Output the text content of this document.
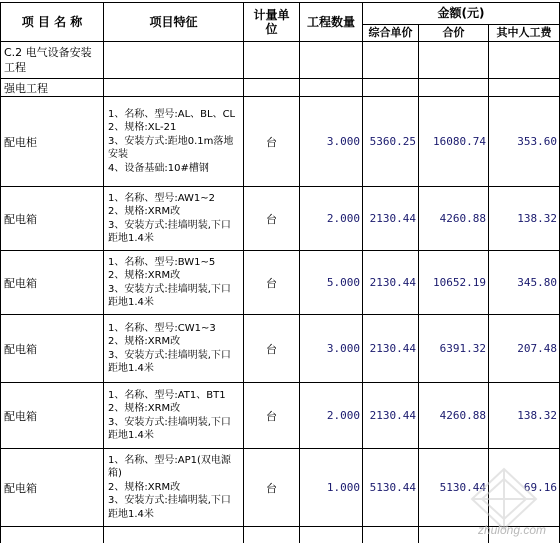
项 目 名 称	项目特征	计量单位	工程数量	金额(元)		
				综合单价	合价	其中人工费
C.2 电气设备安装工程						
强电工程						
配电柜	1、名称、型号:AL、BL、CL
2、规格:XL-21
3、安装方式:距地0.1m落地安装
4、设备基础:10#槽钢	台	3.000	5360.25	16080.74	353.60
配电箱	1、名称、型号:AW1~2
2、规格:XRM改
3、安装方式:挂墙明装,下口距地1.4米	台	2.000	2130.44	4260.88	138.32
配电箱	1、名称、型号:BW1~5
2、规格:XRM改
3、安装方式:挂墙明装,下口距地1.4米	台	5.000	2130.44	10652.19	345.80
配电箱	1、名称、型号:CW1~3
2、规格:XRM改
3、安装方式:挂墙明装,下口距地1.4米	台	3.000	2130.44	6391.32	207.48
配电箱	1、名称、型号:AT1、BT1
2、规格:XRM改
3、安装方式:挂墙明装,下口距地1.4米	台	2.000	2130.44	4260.88	138.32
配电箱	1、名称、型号:AP1(双电源箱)
2、规格:XRM改
3、安装方式:挂墙明装,下口距地1.4米	台	1.000	5130.44	5130.44	69.16

zhulong.com
